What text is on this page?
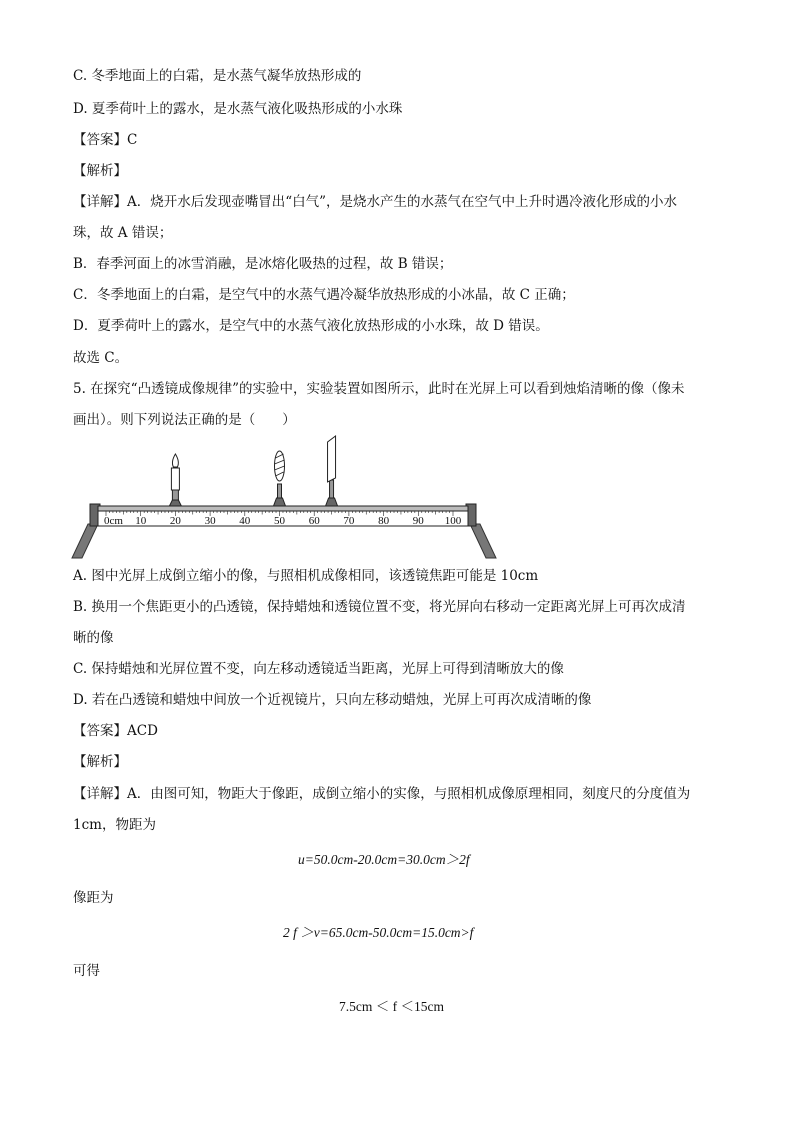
C. 冬季地面上的白霜，是水蒸气凝华放热形成的
D. 夏季荷叶上的露水，是水蒸气液化吸热形成的小水珠
【答案】C
【解析】
【详解】A．烧开水后发现壶嘴冒出“白气”，是烧水产生的水蒸气在空气中上升时遇冷液化形成的小水
珠，故 A 错误；
B．春季河面上的冰雪消融，是冰熔化吸热的过程，故 B 错误；
C．冬季地面上的白霜，是空气中的水蒸气遇冷凝华放热形成的小冰晶，故 C 正确；
D．夏季荷叶上的露水，是空气中的水蒸气液化放热形成的小水珠，故 D 错误。
故选 C。
5. 在探究“凸透镜成像规律”的实验中，实验装置如图所示，此时在光屏上可以看到烛焰清晰的像（像未
画出）。则下列说法正确的是（　　）
0cm 10 20 30 40 50 60 70 80 90 100
A. 图中光屏上成倒立缩小的像，与照相机成像相同，该透镜焦距可能是 10cm
B. 换用一个焦距更小的凸透镜，保持蜡烛和透镜位置不变，将光屏向右移动一定距离光屏上可再次成清
晰的像
C. 保持蜡烛和光屏位置不变，向左移动透镜适当距离，光屏上可得到清晰放大的像
D. 若在凸透镜和蜡烛中间放一个近视镜片，只向左移动蜡烛，光屏上可再次成清晰的像
【答案】ACD
【解析】
【详解】A．由图可知，物距大于像距，成倒立缩小的实像，与照相机成像原理相同，刻度尺的分度值为
1cm，物距为
u=50.0cm-20.0cm=30.0cm＞2f
像距为
2 f ＞v=65.0cm-50.0cm=15.0cm>f
可得
7.5cm ＜ f ＜15cm
